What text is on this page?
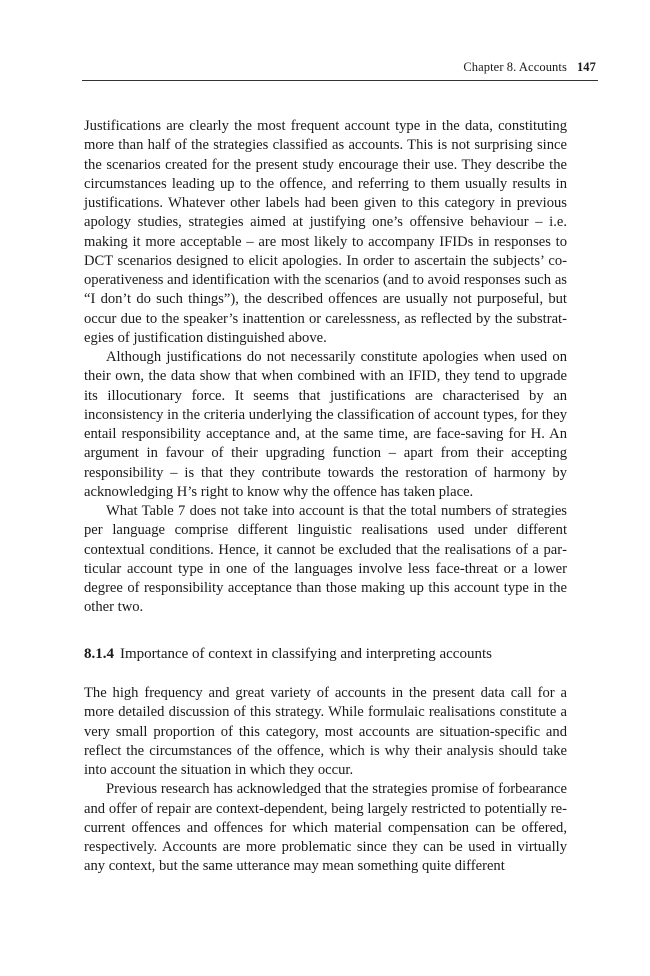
Chapter 8. Accounts 147

Justifications are clearly the most frequent account type in the data, constituting more than half of the strategies classified as accounts. This is not surprising since the scenarios created for the present study encourage their use. They describe the circumstances leading up to the offence, and referring to them usually results in justifications. Whatever other labels had been given to this category in previous apology studies, strategies aimed at justifying one’s offensive behaviour – i.e. making it more acceptable – are most likely to accompany IFIDs in responses to DCT scenarios designed to elicit apologies. In order to ascertain the subjects’ cooperativeness and identification with the scenarios (and to avoid responses such as “I don’t do such things”), the described offences are usually not purposeful, but occur due to the speaker’s inattention or carelessness, as reflected by the substrategies of justification distinguished above.

Although justifications do not necessarily constitute apologies when used on their own, the data show that when combined with an IFID, they tend to upgrade its illocutionary force. It seems that justifications are characterised by an inconsistency in the criteria underlying the classification of account types, for they entail responsibility acceptance and, at the same time, are face-saving for H. An argument in favour of their upgrading function – apart from their accepting responsibility – is that they contribute towards the restoration of harmony by acknowledging H’s right to know why the offence has taken place.

What Table 7 does not take into account is that the total numbers of strategies per language comprise different linguistic realisations used under different contextual conditions. Hence, it cannot be excluded that the realisations of a particular account type in one of the languages involve less face-threat or a lower degree of responsibility acceptance than those making up this account type in the other two.

8.1.4 Importance of context in classifying and interpreting accounts

The high frequency and great variety of accounts in the present data call for a more detailed discussion of this strategy. While formulaic realisations constitute a very small proportion of this category, most accounts are situation-specific and reflect the circumstances of the offence, which is why their analysis should take into account the situation in which they occur.

Previous research has acknowledged that the strategies promise of forbearance and offer of repair are context-dependent, being largely restricted to potentially re-current offences and offences for which material compensation can be offered, respectively. Accounts are more problematic since they can be used in virtually any context, but the same utterance may mean something quite different
